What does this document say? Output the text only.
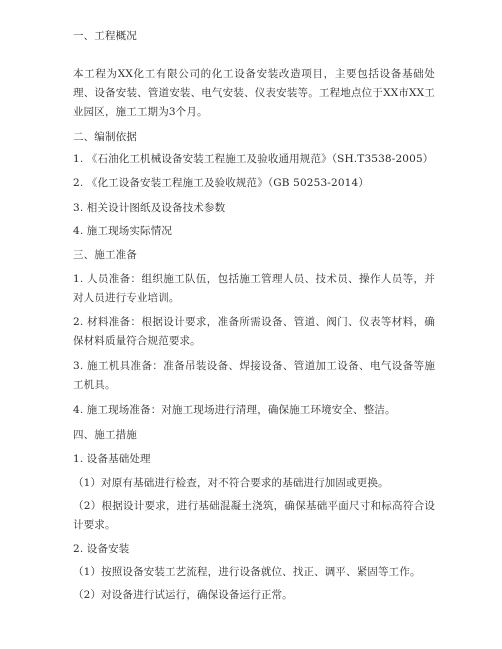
一、工程概况
本工程为XX化工有限公司的化工设备安装改造项目，主要包括设备基础处理、设备安装、管道安装、电气安装、仪表安装等。工程地点位于XX市XX工业园区，施工工期为3个月。
二、编制依据
1. 《石油化工机械设备安装工程施工及验收通用规范》（SH.T3538-2005）
2. 《化工设备安装工程施工及验收规范》（GB 50253-2014）
3. 相关设计图纸及设备技术参数
4. 施工现场实际情况
三、施工准备
1. 人员准备：组织施工队伍，包括施工管理人员、技术员、操作人员等，并对人员进行专业培训。
2. 材料准备：根据设计要求，准备所需设备、管道、阀门、仪表等材料，确保材料质量符合规范要求。
3. 施工机具准备：准备吊装设备、焊接设备、管道加工设备、电气设备等施工机具。
4. 施工现场准备：对施工现场进行清理，确保施工环境安全、整洁。
四、施工措施
1. 设备基础处理
（1）对原有基础进行检查，对不符合要求的基础进行加固或更换。
（2）根据设计要求，进行基础混凝土浇筑，确保基础平面尺寸和标高符合设计要求。
2. 设备安装
（1）按照设备安装工艺流程，进行设备就位、找正、调平、紧固等工作。
（2）对设备进行试运行，确保设备运行正常。
